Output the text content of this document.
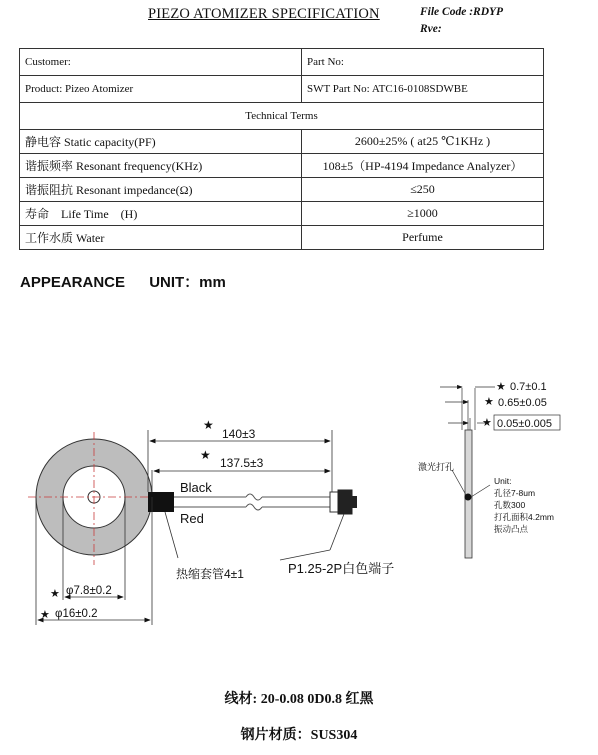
PIEZO ATOMIZER SPECIFICATION	File Code :RDYP
Rve:
Customer:	Part No:
Product: Pizeo Atomizer	SWT Part No: ATC16-0108SDWBE
Technical Terms	
静电容 Static capacity(PF)	2600±25% ( at25 ℃1KHz )
谐振频率 Resonant frequency(KHz)	108±5（HP-4194 Impedance Analyzer）
谐振阻抗 Resonant impedance(Ω)	≤250
寿命　Life Time　(H)	≥1000
工作水质 Water	Perfume
APPEARANCE UNIT：mm
★
140±3
★
137.5±3
Black
Red
热缩套管4±1	P1.25-2P白色端子
★ φ7.8±0.2
★ φ16±0.2
★ 0.7±0.1
★ 0.65±0.05
★ 0.05±0.005
激光打孔
Unit:
孔径7-8um
孔数300
打孔面积4.2mm
振动凸点
线材: 20-0.08 0D0.8 红黑
钢片材质：SUS304
